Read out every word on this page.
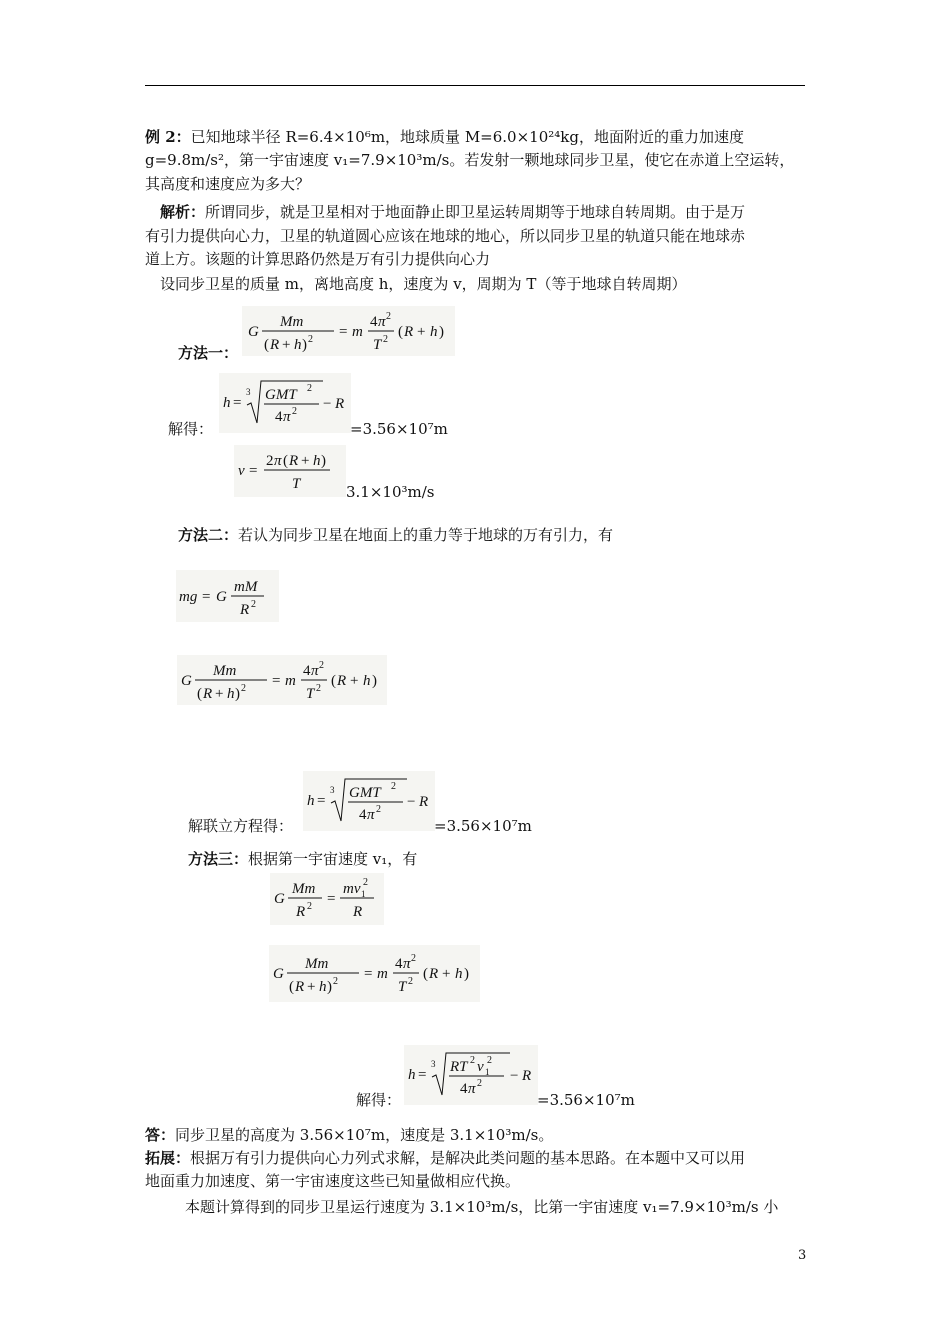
例 2：已知地球半径 R=6.4×10⁶m，地球质量 M=6.0×10²⁴kg，地面附近的重力加速度
g=9.8m/s²，第一宇宙速度 v₁=7.9×10³m/s。若发射一颗地球同步卫星，使它在赤道上空运转，
其高度和速度应为多大？
解析：所谓同步，就是卫星相对于地面静止即卫星运转周期等于地球自转周期。由于是万
有引力提供向心力，卫星的轨道圆心应该在地球的地心，所以同步卫星的轨道只能在地球赤
道上方。该题的计算思路仍然是万有引力提供向心力
设同步卫星的质量 m，离地高度 h，速度为 v，周期为 T（等于地球自转周期）
G
Mm
( R + h ) 2 = m
4 π 2
T 2 ( R + h )
方法一：
h =
3 GMT 2
4 π 2 − R
解得：	=3.56×10⁷m
v =
2 π ( R + h )
T	3.1×10³m/s
方法二：若认为同步卫星在地面上的重力等于地球的万有引力，有
mg = G
mM
R 2
G
Mm
( R + h ) 2 = m
4 π 2
T 2 ( R + h )
h =
3 GMT 2
4 π 2 − R
解联立方程得：	=3.56×10⁷m
方法三：根据第一宇宙速度 v₁，有
G
Mm
R 2 =
mv 1
2
R
G
Mm
( R + h ) 2 = m
4 π 2
T 2 ( R + h )
h =
3 RT 2 v 1
2
4 π 2 − R
解得：	=3.56×10⁷m
答：同步卫星的高度为 3.56×10⁷m，速度是 3.1×10³m/s。
拓展：根据万有引力提供向心力列式求解，是解决此类问题的基本思路。在本题中又可以用
地面重力加速度、第一宇宙速度这些已知量做相应代换。
本题计算得到的同步卫星运行速度为 3.1×10³m/s，比第一宇宙速度 v₁=7.9×10³m/s 小
3
